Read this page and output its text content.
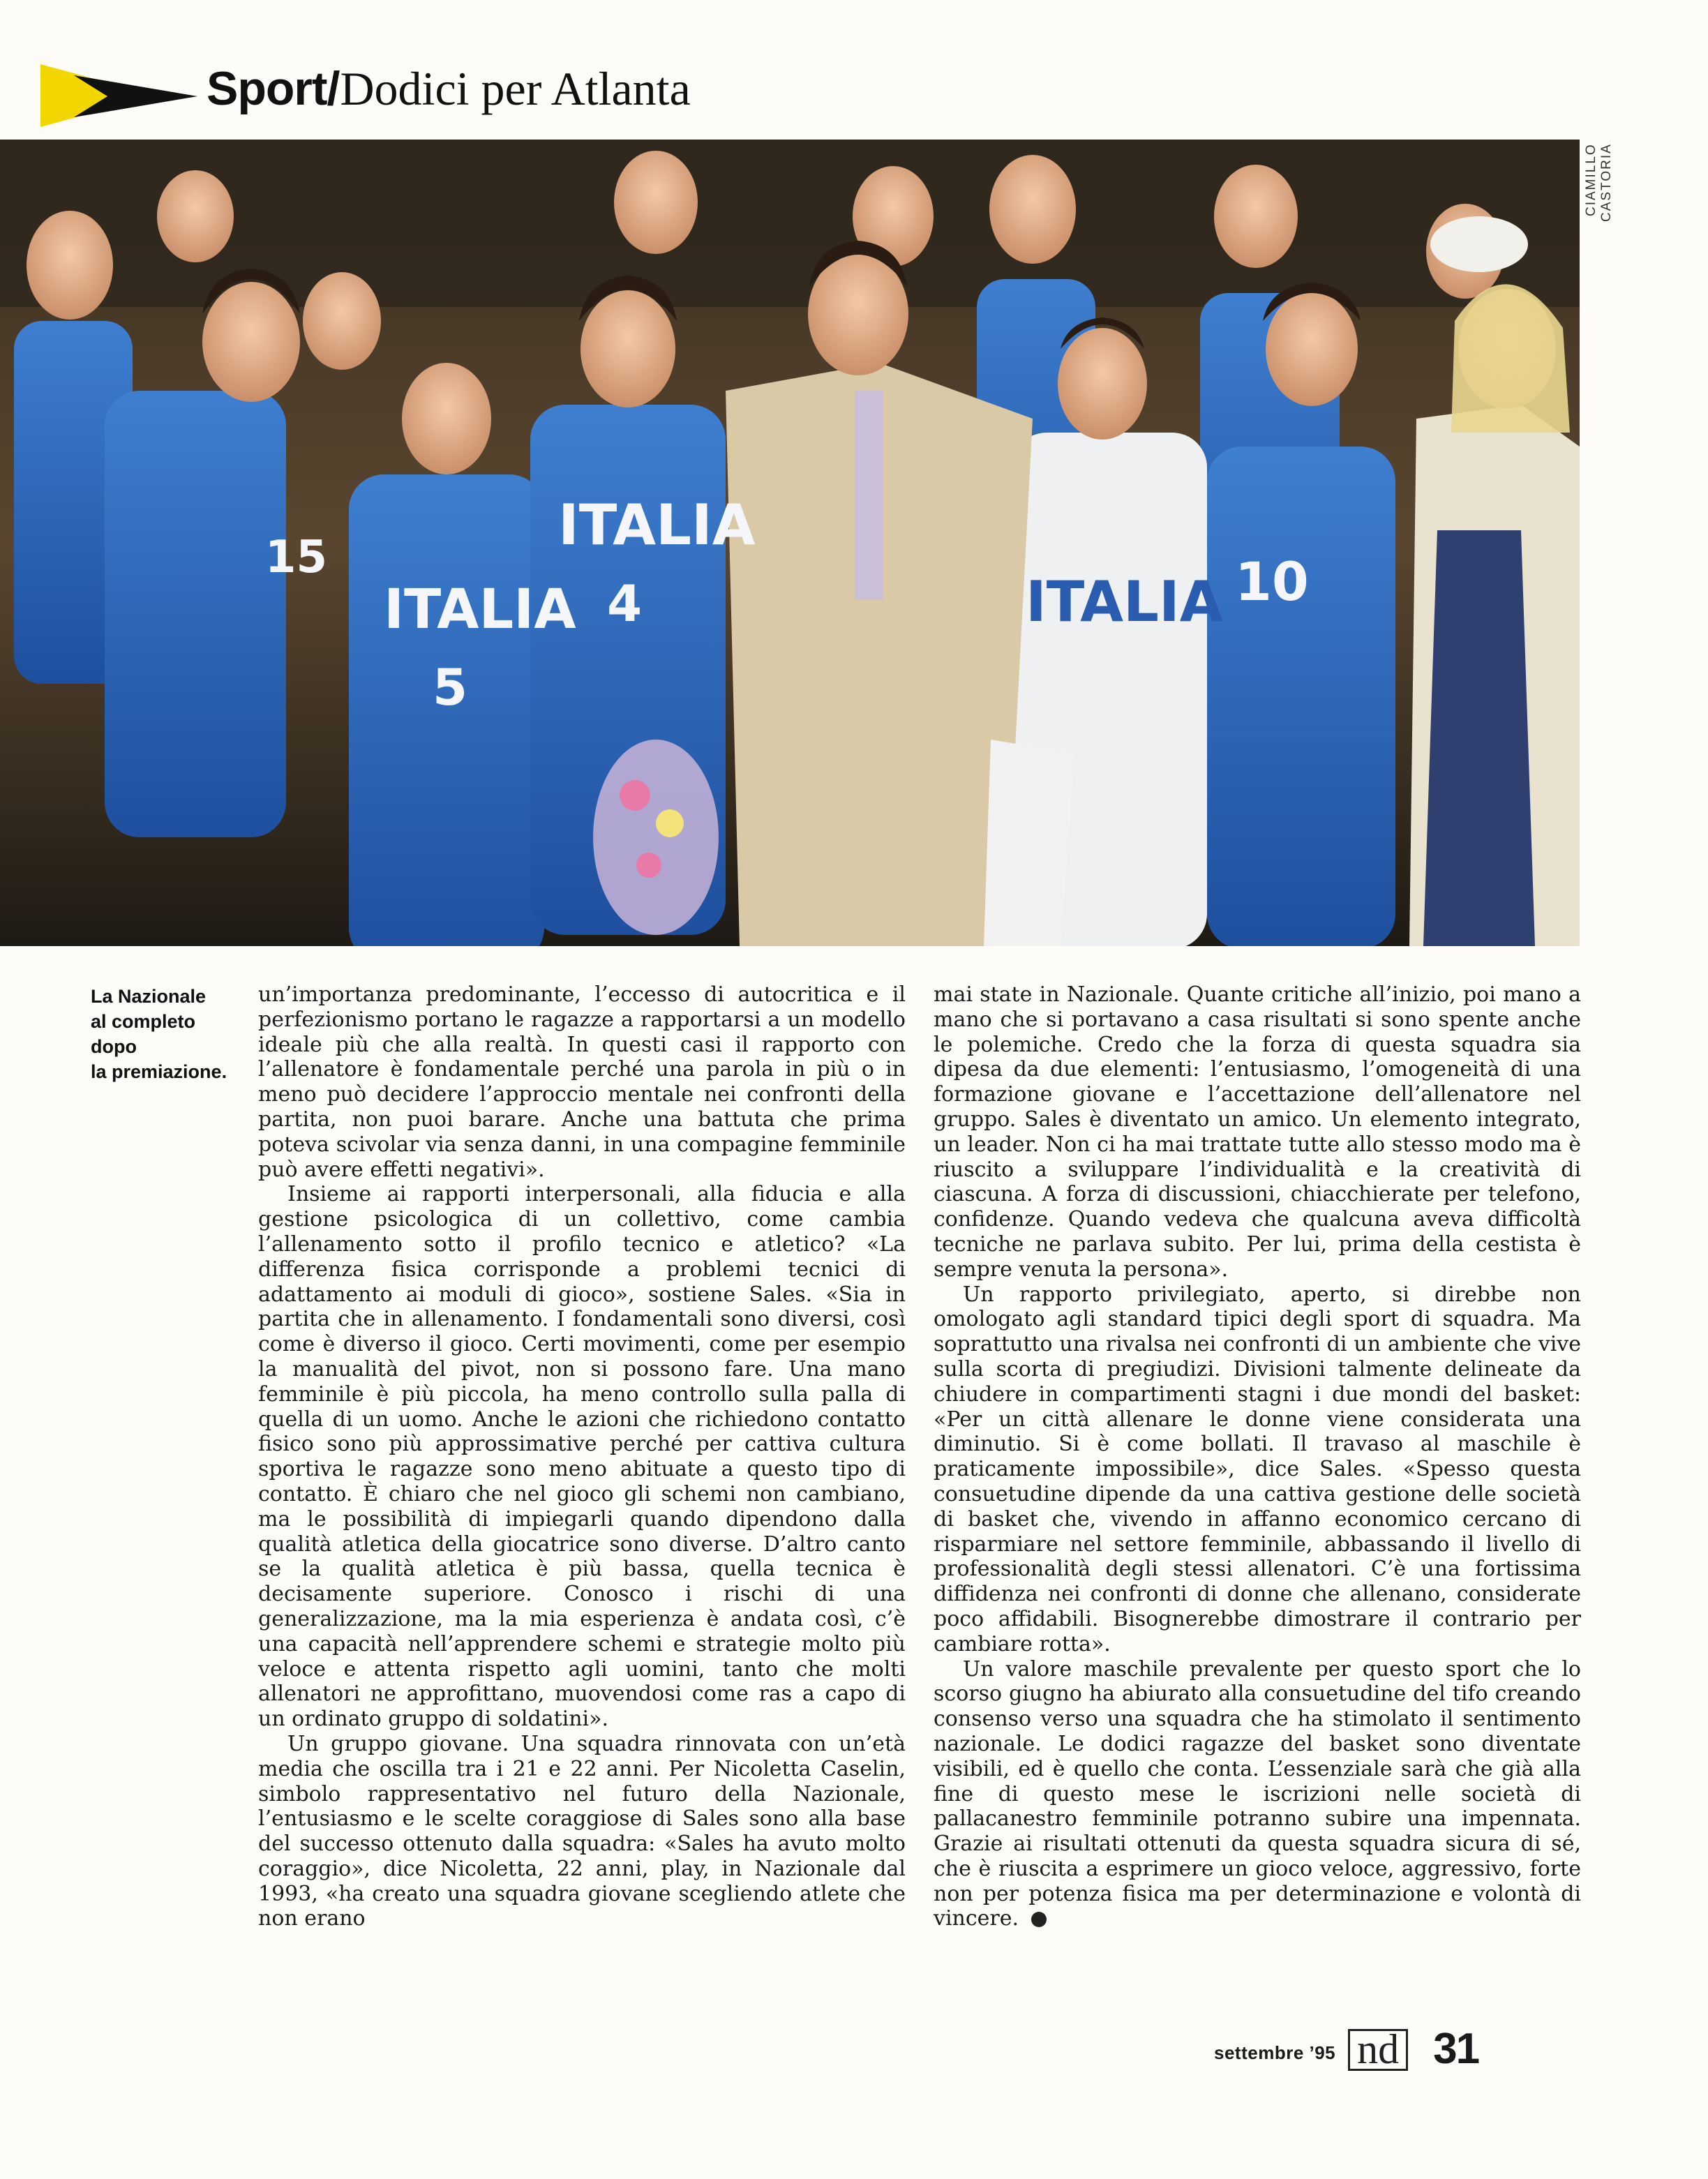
Sport / Dodici per Atlanta
ITALIA
5
ITALIA
4
15	10
ITALIA
CIAMILLO CASTORIA
La Nazionale
al completo
dopo
la premiazione.

un’importanza predominante, l’eccesso di autocritica e il perfezionismo portano le ragazze a rapportarsi a un modello ideale più che alla realtà. In questi casi il rapporto con l’allenatore è fondamentale perché una parola in più o in meno può decidere l’approccio mentale nei confronti della partita, non puoi barare. Anche una battuta che prima poteva scivolar via senza danni, in una compagine femminile può avere effetti negativi».

Insieme ai rapporti interpersonali, alla fiducia e alla gestione psicologica di un collettivo, come cambia l’allenamento sotto il profilo tecnico e atletico? «La differenza fisica corrisponde a problemi tecnici di adattamento ai moduli di gioco», sostiene Sales. «Sia in partita che in allenamento. I fondamentali sono diversi, così come è diverso il gioco. Certi movimenti, come per esempio la manualità del pivot, non si possono fare. Una mano femminile è più piccola, ha meno controllo sulla palla di quella di un uomo. Anche le azioni che richiedono contatto fisico sono più approssimative perché per cattiva cultura sportiva le ragazze sono meno abituate a questo tipo di contatto. È chiaro che nel gioco gli schemi non cambiano, ma le possibilità di impiegarli quando dipendono dalla qualità atletica della giocatrice sono diverse. D’altro canto se la qualità atletica è più bassa, quella tecnica è decisamente superiore. Conosco i rischi di una generalizzazione, ma la mia esperienza è andata così, c’è una capacità nell’apprendere schemi e strategie molto più veloce e attenta rispetto agli uomini, tanto che molti allenatori ne approfittano, muovendosi come ras a capo di un ordinato gruppo di soldatini».

Un gruppo giovane. Una squadra rinnovata con un’età media che oscilla tra i 21 e 22 anni. Per Nicoletta Caselin, simbolo rappresentativo nel futuro della Nazionale, l’entusiasmo e le scelte coraggiose di Sales sono alla base del successo ottenuto dalla squadra: «Sales ha avuto molto coraggio», dice Nicoletta, 22 anni, play, in Nazionale dal 1993, «ha creato una squadra giovane scegliendo atlete che non erano

mai state in Nazionale. Quante critiche all’inizio, poi mano a mano che si portavano a casa risultati si sono spente anche le polemiche. Credo che la forza di questa squadra sia dipesa da due elementi: l’entusiasmo, l’omogeneità di una formazione giovane e l’accettazione dell’allenatore nel gruppo. Sales è diventato un amico. Un elemento integrato, un leader. Non ci ha mai trattate tutte allo stesso modo ma è riuscito a sviluppare l’individualità e la creatività di ciascuna. A forza di discussioni, chiacchierate per telefono, confidenze. Quando vedeva che qualcuna aveva difficoltà tecniche ne parlava subito. Per lui, prima della cestista è sempre venuta la persona».

Un rapporto privilegiato, aperto, si direbbe non omologato agli standard tipici degli sport di squadra. Ma soprattutto una rivalsa nei confronti di un ambiente che vive sulla scorta di pregiudizi. Divisioni talmente delineate da chiudere in compartimenti stagni i due mondi del basket: «Per un città allenare le donne viene considerata una diminutio. Si è come bollati. Il travaso al maschile è praticamente impossibile», dice Sales. «Spesso questa consuetudine dipende da una cattiva gestione delle società di basket che, vivendo in affanno economico cercano di risparmiare nel settore femminile, abbassando il livello di professionalità degli stessi allenatori. C’è una fortissima diffidenza nei confronti di donne che allenano, considerate poco affidabili. Bisognerebbe dimostrare il contrario per cambiare rotta».

Un valore maschile prevalente per questo sport che lo scorso giugno ha abiurato alla consuetudine del tifo creando consenso verso una squadra che ha stimolato il sentimento nazionale. Le dodici ragazze del basket sono diventate visibili, ed è quello che conta. L’essenziale sarà che già alla fine di questo mese le iscrizioni nelle società di pallacanestro femminile potranno subire una impennata. Grazie ai risultati ottenuti da questa squadra sicura di sé, che è riuscita a esprimere un gioco veloce, aggressivo, forte non per potenza fisica ma per determinazione e volontà di vincere.

settembre ’95 nd 31
